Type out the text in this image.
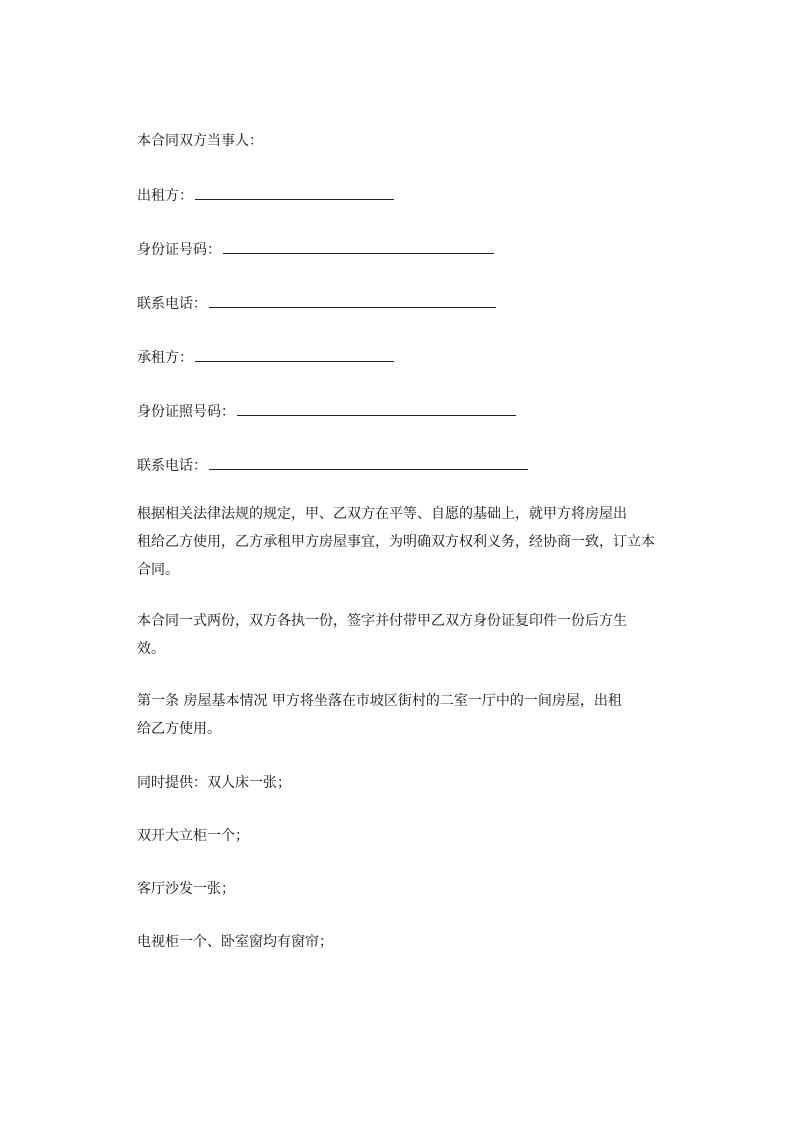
本合同双方当事人：
出租方：
身份证号码：
联系电话：
承租方：
身份证照号码：
联系电话：
根据相关法律法规的规定，甲、乙双方在平等、自愿的基础上，就甲方将房屋出
租给乙方使用，乙方承租甲方房屋事宜，为明确双方权利义务，经协商一致，订立本
合同。
本合同一式两份，双方各执一份，签字并付带甲乙双方身份证复印件一份后方生
效。
第一条 房屋基本情况 甲方将坐落在市坡区街村的二室一厅中的一间房屋，出租
给乙方使用。
同时提供：双人床一张；
双开大立柜一个；
客厅沙发一张；
电视柜一个、卧室窗均有窗帘；
